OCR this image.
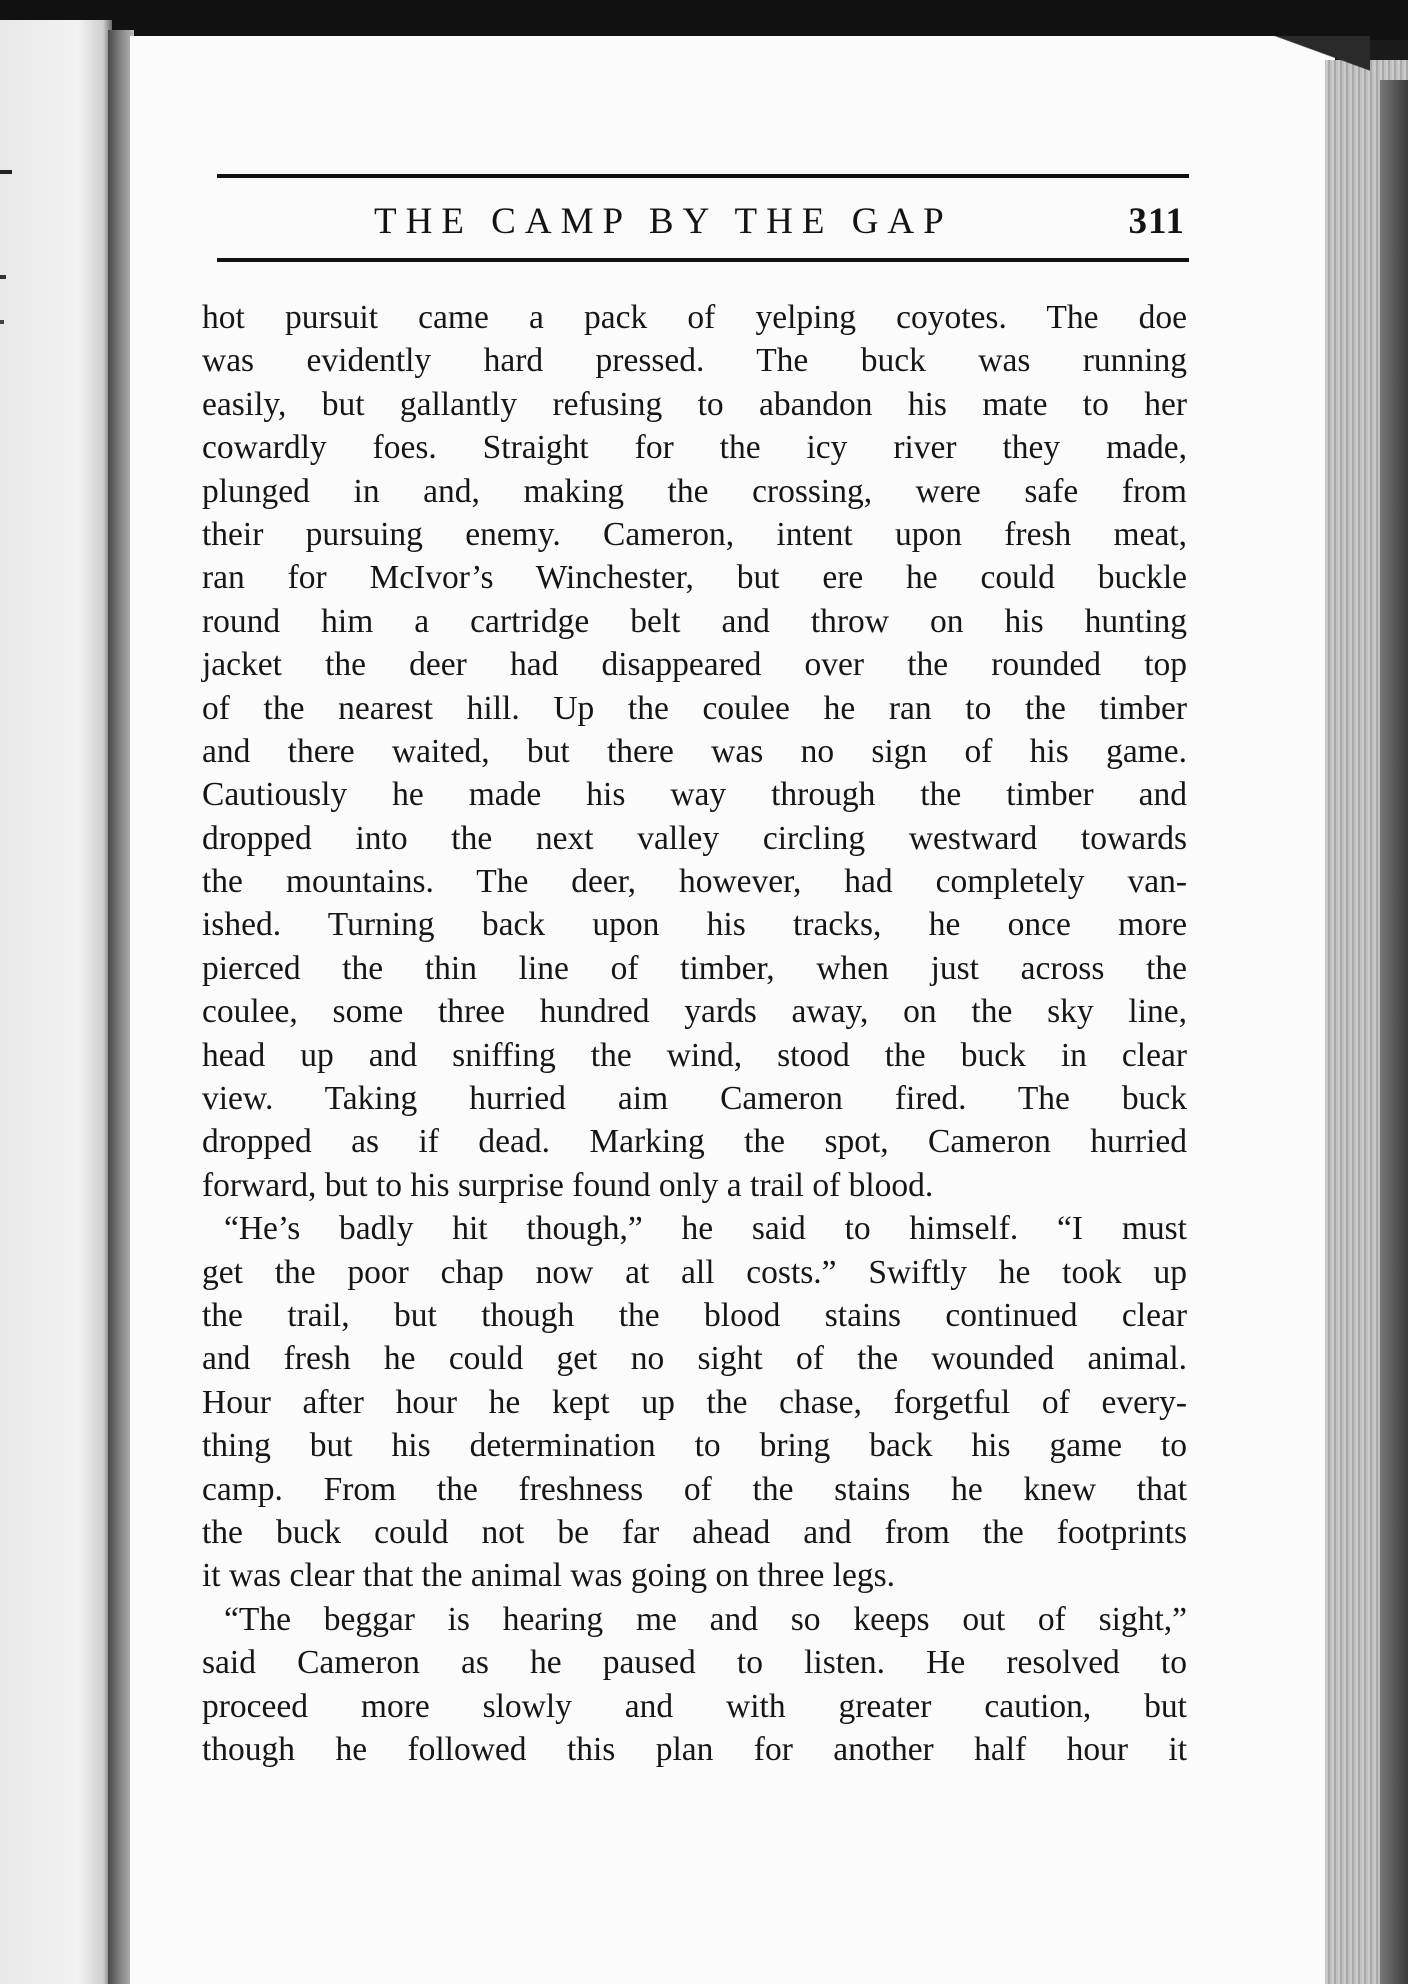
THE CAMP BY THE GAP	311
hot pursuit came a pack of yelping coyotes. The doe
was evidently hard pressed. The buck was running
easily, but gallantly refusing to abandon his mate to her
cowardly foes. Straight for the icy river they made,
plunged in and, making the crossing, were safe from
their pursuing enemy. Cameron, intent upon fresh meat,
ran for McIvor’s Winchester, but ere he could buckle
round him a cartridge belt and throw on his hunting
jacket the deer had disappeared over the rounded top
of the nearest hill. Up the coulee he ran to the timber
and there waited, but there was no sign of his game.
Cautiously he made his way through the timber and
dropped into the next valley circling westward towards
the mountains. The deer, however, had completely van-
ished. Turning back upon his tracks, he once more
pierced the thin line of timber, when just across the
coulee, some three hundred yards away, on the sky line,
head up and sniffing the wind, stood the buck in clear
view. Taking hurried aim Cameron fired. The buck
dropped as if dead. Marking the spot, Cameron hurried
forward, but to his surprise found only a trail of blood.
“He’s badly hit though,” he said to himself. “I must
get the poor chap now at all costs.” Swiftly he took up
the trail, but though the blood stains continued clear
and fresh he could get no sight of the wounded animal.
Hour after hour he kept up the chase, forgetful of every-
thing but his determination to bring back his game to
camp. From the freshness of the stains he knew that
the buck could not be far ahead and from the footprints
it was clear that the animal was going on three legs.
“The beggar is hearing me and so keeps out of sight,”
said Cameron as he paused to listen. He resolved to
proceed more slowly and with greater caution, but
though he followed this plan for another half hour it
